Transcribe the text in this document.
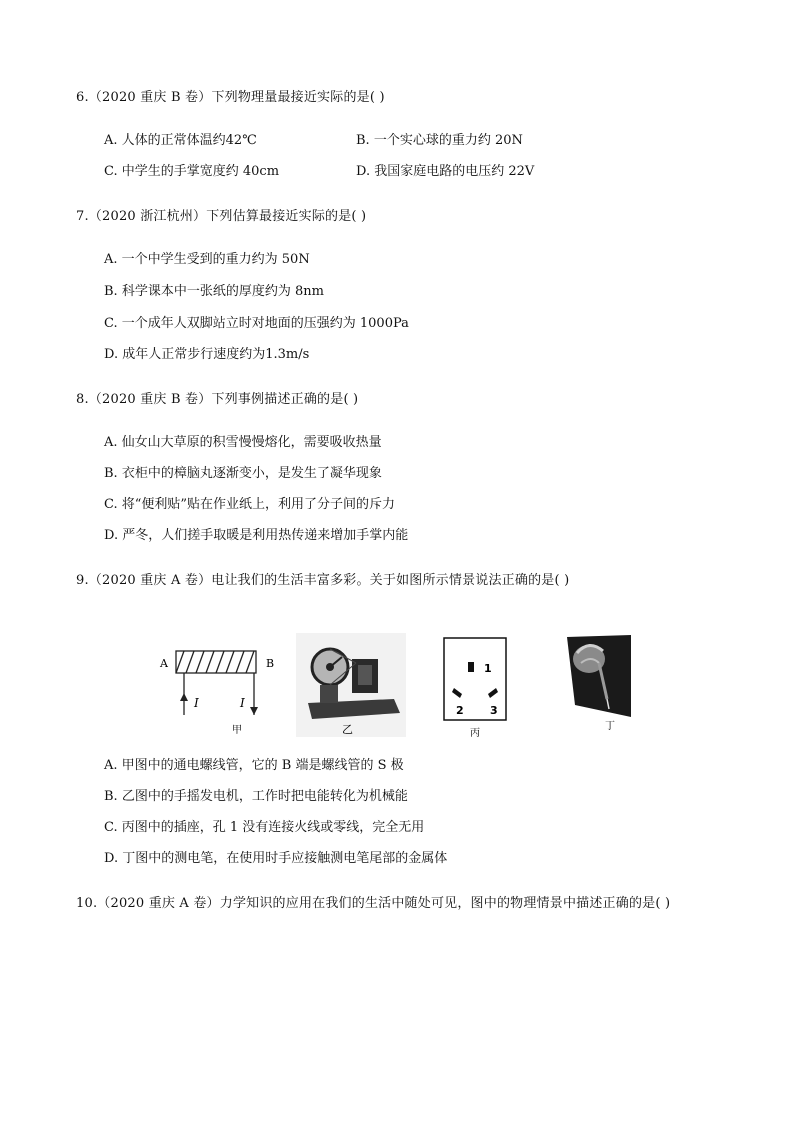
6.（2020 重庆 B 卷）下列物理量最接近实际的是( )
A. 人体的正常体温约42℃	B. 一个实心球的重力约 20N
C. 中学生的手掌宽度约 40cm	D. 我国家庭电路的电压约 22V
7.（2020 浙江杭州）下列估算最接近实际的是( )
A. 一个中学生受到的重力约为 50N
B. 科学课本中一张纸的厚度约为 8nm
C. 一个成年人双脚站立时对地面的压强约为 1000Pa
D. 成年人正常步行速度约为1.3m/s
8.（2020 重庆 B 卷）下列事例描述正确的是( )
A. 仙女山大草原的积雪慢慢熔化，需要吸收热量
B. 衣柜中的樟脑丸逐渐变小，是发生了凝华现象
C. 将“便利贴”贴在作业纸上，利用了分子间的斥力
D. 严冬，人们搓手取暖是利用热传递来增加手掌内能
9.（2020 重庆 A 卷）电让我们的生活丰富多彩。关于如图所示情景说法正确的是( )
A	B
I	I
甲	乙
1
2 3
丙
丁
A. 甲图中的通电螺线管，它的 B 端是螺线管的 S 极
B. 乙图中的手摇发电机，工作时把电能转化为机械能
C. 丙图中的插座，孔 1 没有连接火线或零线，完全无用
D. 丁图中的测电笔，在使用时手应接触测电笔尾部的金属体
10.（2020 重庆 A 卷）力学知识的应用在我们的生活中随处可见，图中的物理情景中描述正确的是( )
